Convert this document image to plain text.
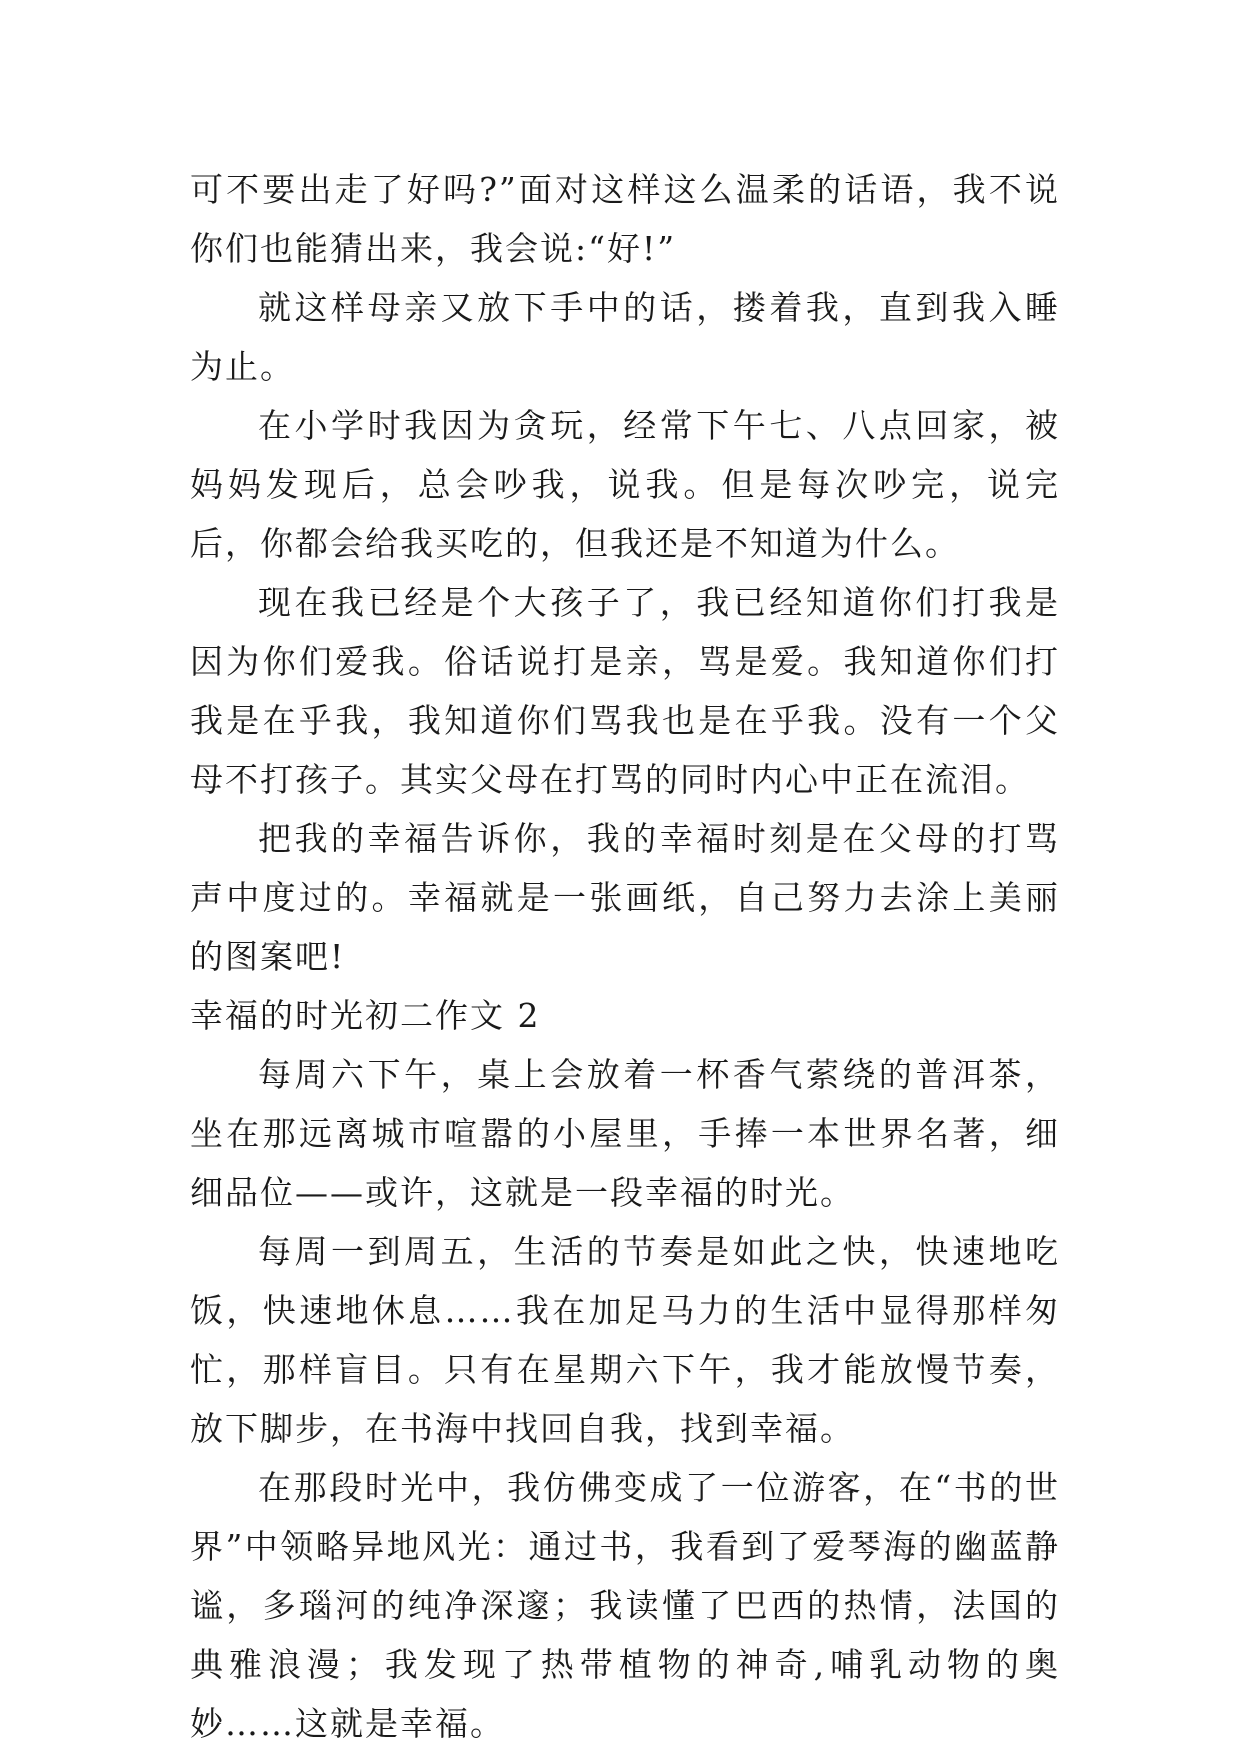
可不要出走了好吗?”面对这样这么温柔的话语，我不说你们也能猜出来，我会说:“好!”

就这样母亲又放下手中的话，搂着我，直到我入睡为止。

在小学时我因为贪玩，经常下午七、八点回家，被妈妈发现后，总会吵我，说我。但是每次吵完，说完后，你都会给我买吃的，但我还是不知道为什么。

现在我已经是个大孩子了，我已经知道你们打我是因为你们爱我。俗话说打是亲，骂是爱。我知道你们打我是在乎我，我知道你们骂我也是在乎我。没有一个父母不打孩子。其实父母在打骂的同时内心中正在流泪。

把我的幸福告诉你，我的幸福时刻是在父母的打骂声中度过的。幸福就是一张画纸，自己努力去涂上美丽的图案吧!

幸福的时光初二作文 2

每周六下午，桌上会放着一杯香气萦绕的普洱茶，坐在那远离城市喧嚣的小屋里，手捧一本世界名著，细细品位——或许，这就是一段幸福的时光。

每周一到周五，生活的节奏是如此之快，快速地吃饭，快速地休息……我在加足马力的生活中显得那样匆忙，那样盲目。只有在星期六下午，我才能放慢节奏，放下脚步，在书海中找回自我，找到幸福。

在那段时光中，我仿佛变成了一位游客，在“书的世界”中领略异地风光：通过书，我看到了爱琴海的幽蓝静谧，多瑙河的纯净深邃；我读懂了巴西的热情，法国的典雅浪漫；我发现了热带植物的神奇,哺乳动物的奥妙……这就是幸福。
